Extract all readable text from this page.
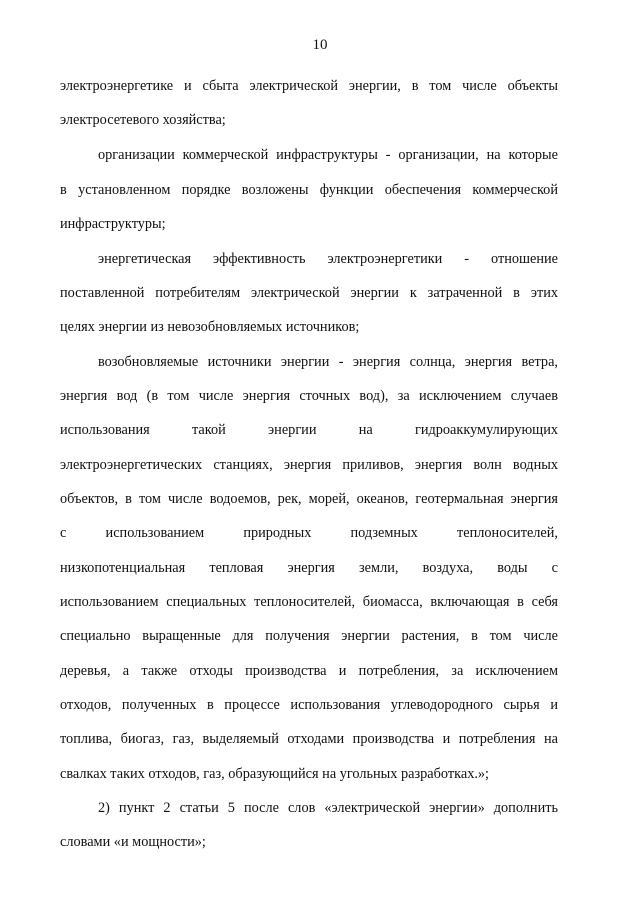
10
электроэнергетике и сбыта электрической энергии, в том числе объекты
электросетевого хозяйства;
организации коммерческой инфраструктуры - организации, на которые
в установленном порядке возложены функции обеспечения коммерческой
инфраструктуры;
энергетическая эффективность электроэнергетики - отношение
поставленной потребителям электрической энергии к затраченной в этих
целях энергии из невозобновляемых источников;
возобновляемые источники энергии - энергия солнца, энергия ветра,
энергия вод (в том числе энергия сточных вод), за исключением случаев
использования такой энергии на гидроаккумулирующих
электроэнергетических станциях, энергия приливов, энергия волн водных
объектов, в том числе водоемов, рек, морей, океанов, геотермальная энергия
с использованием природных подземных теплоносителей,
низкопотенциальная тепловая энергия земли, воздуха, воды с
использованием специальных теплоносителей, биомасса, включающая в себя
специально выращенные для получения энергии растения, в том числе
деревья, а также отходы производства и потребления, за исключением
отходов, полученных в процессе использования углеводородного сырья и
топлива, биогаз, газ, выделяемый отходами производства и потребления на
свалках таких отходов, газ, образующийся на угольных разработках.»;
2) пункт 2 статьи 5 после слов «электрической энергии» дополнить
словами «и мощности»;
